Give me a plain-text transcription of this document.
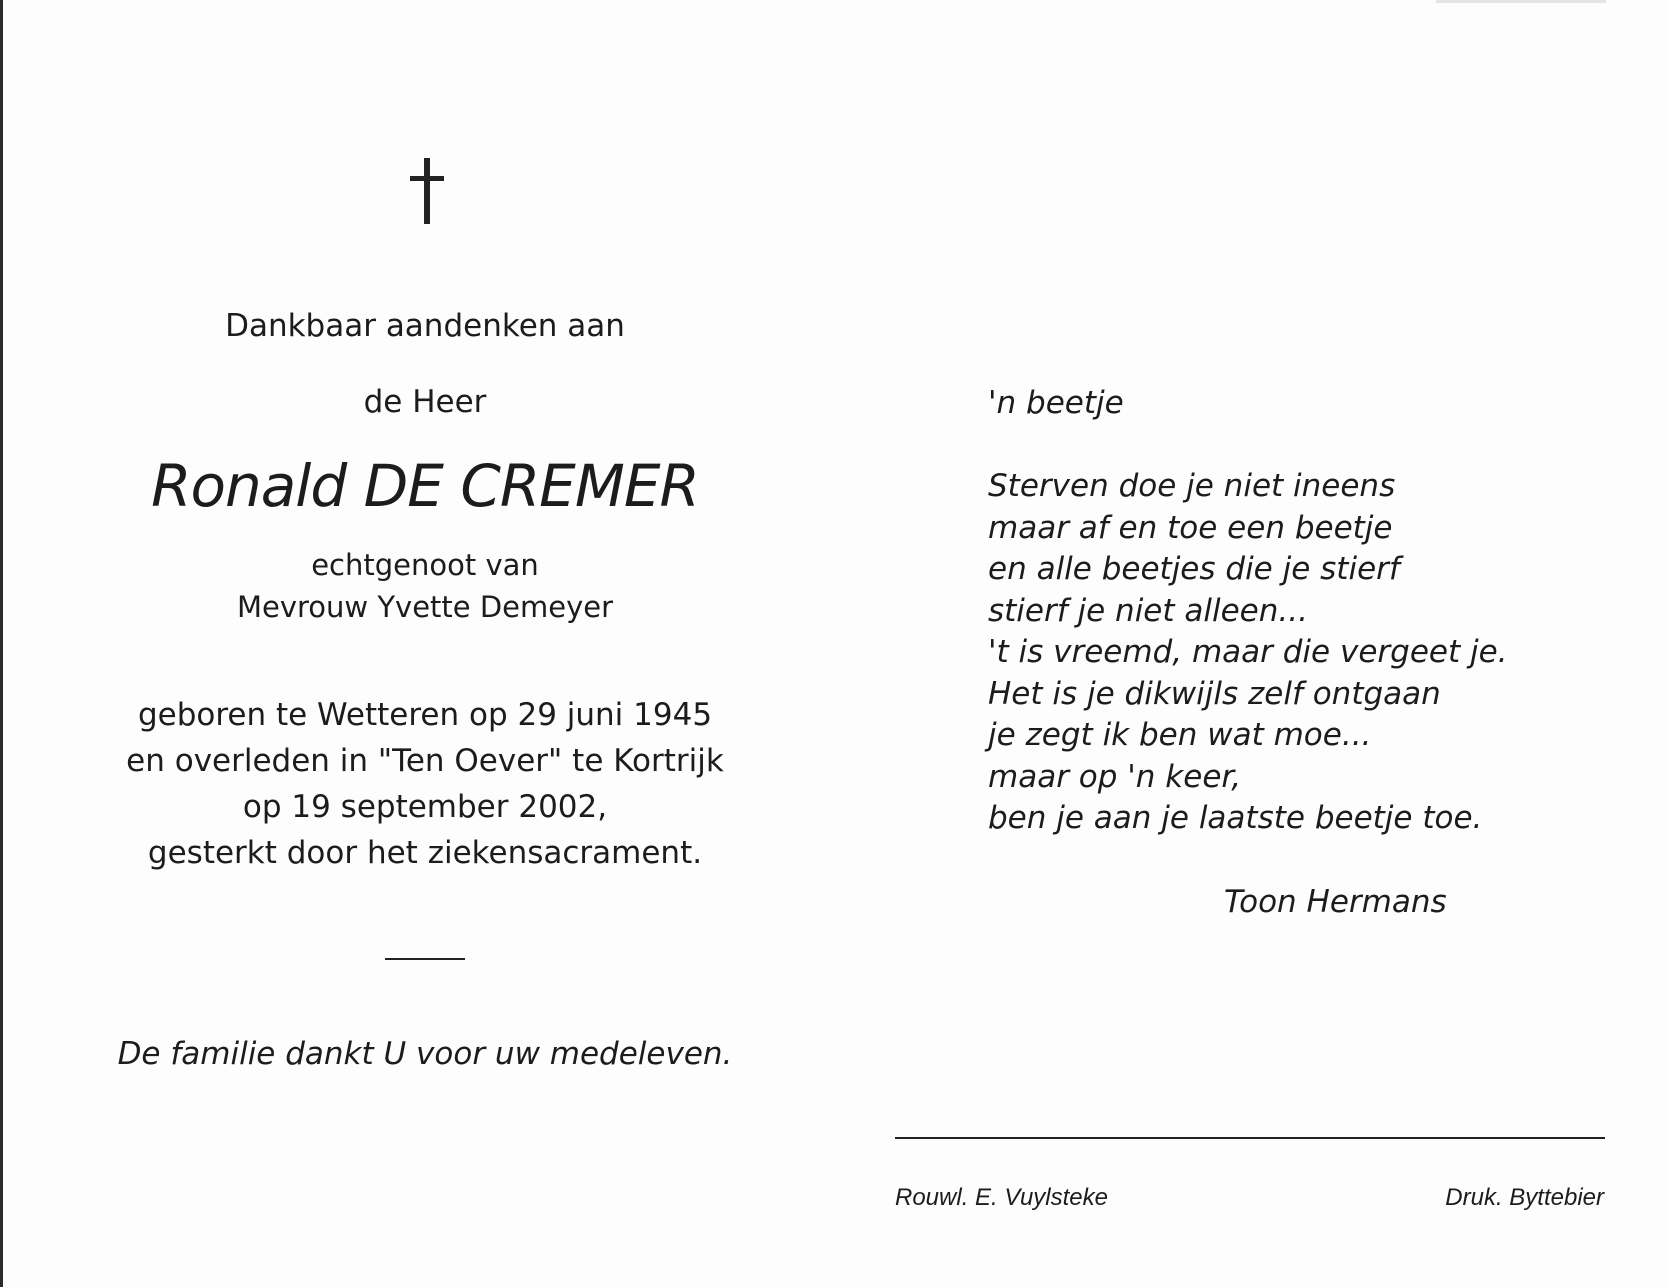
Dankbaar aandenken aan
de Heer
Ronald DE CREMER
echtgenoot van
Mevrouw Yvette Demeyer
geboren te Wetteren op 29 juni 1945
en overleden in "Ten Oever" te Kortrijk
op 19 september 2002,
gesterkt door het ziekensacrament.
De familie dankt U voor uw medeleven.
'n beetje
Sterven doe je niet ineens
maar af en toe een beetje
en alle beetjes die je stierf
stierf je niet alleen...
't is vreemd, maar die vergeet je.
Het is je dikwijls zelf ontgaan
je zegt ik ben wat moe...
maar op 'n keer,
ben je aan je laatste beetje toe.
Toon Hermans
Rouwl. E. Vuylsteke	Druk. Byttebier
